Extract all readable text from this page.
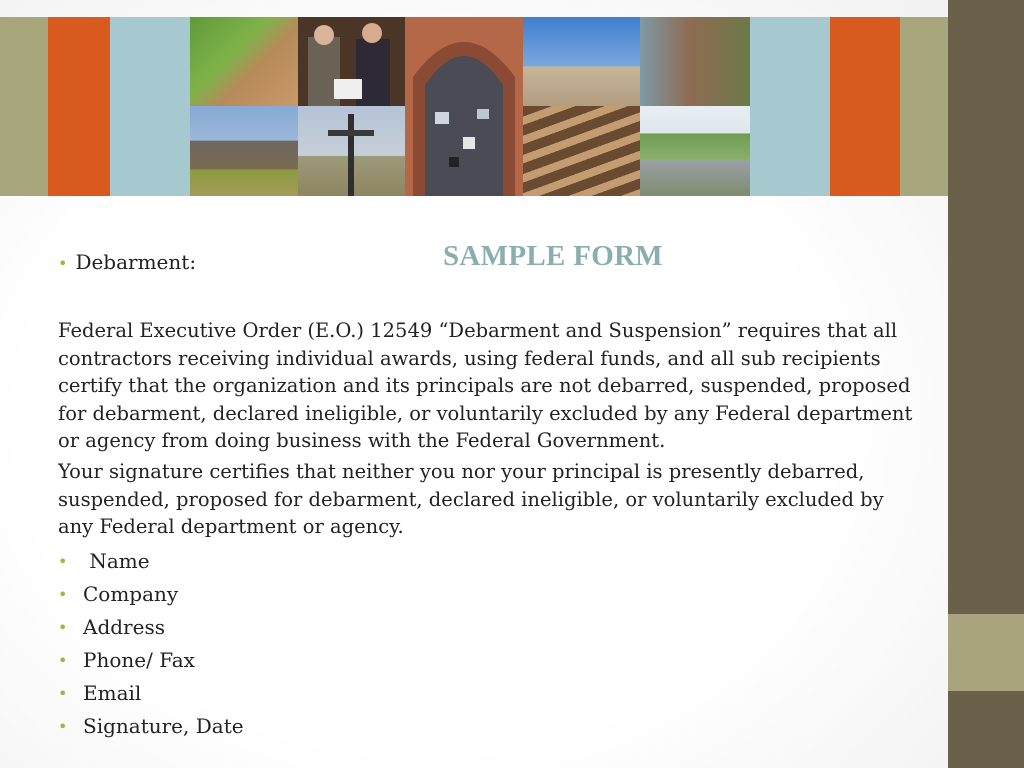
• Debarment:	SAMPLE FORM
Federal Executive Order (E.O.) 12549 “Debarment and Suspension” requires that all contractors receiving individual awards, using federal funds, and all sub recipients certify that the organization and its principals are not debarred, suspended, proposed for debarment, declared ineligible, or voluntarily excluded by any Federal department or agency from doing business with the Federal Government.
Your signature certifies that neither you nor your principal is presently debarred, suspended, proposed for debarment, declared ineligible, or voluntarily excluded by any Federal department or agency.
• Name
• Company
• Address
• Phone/ Fax
• Email
• Signature, Date
